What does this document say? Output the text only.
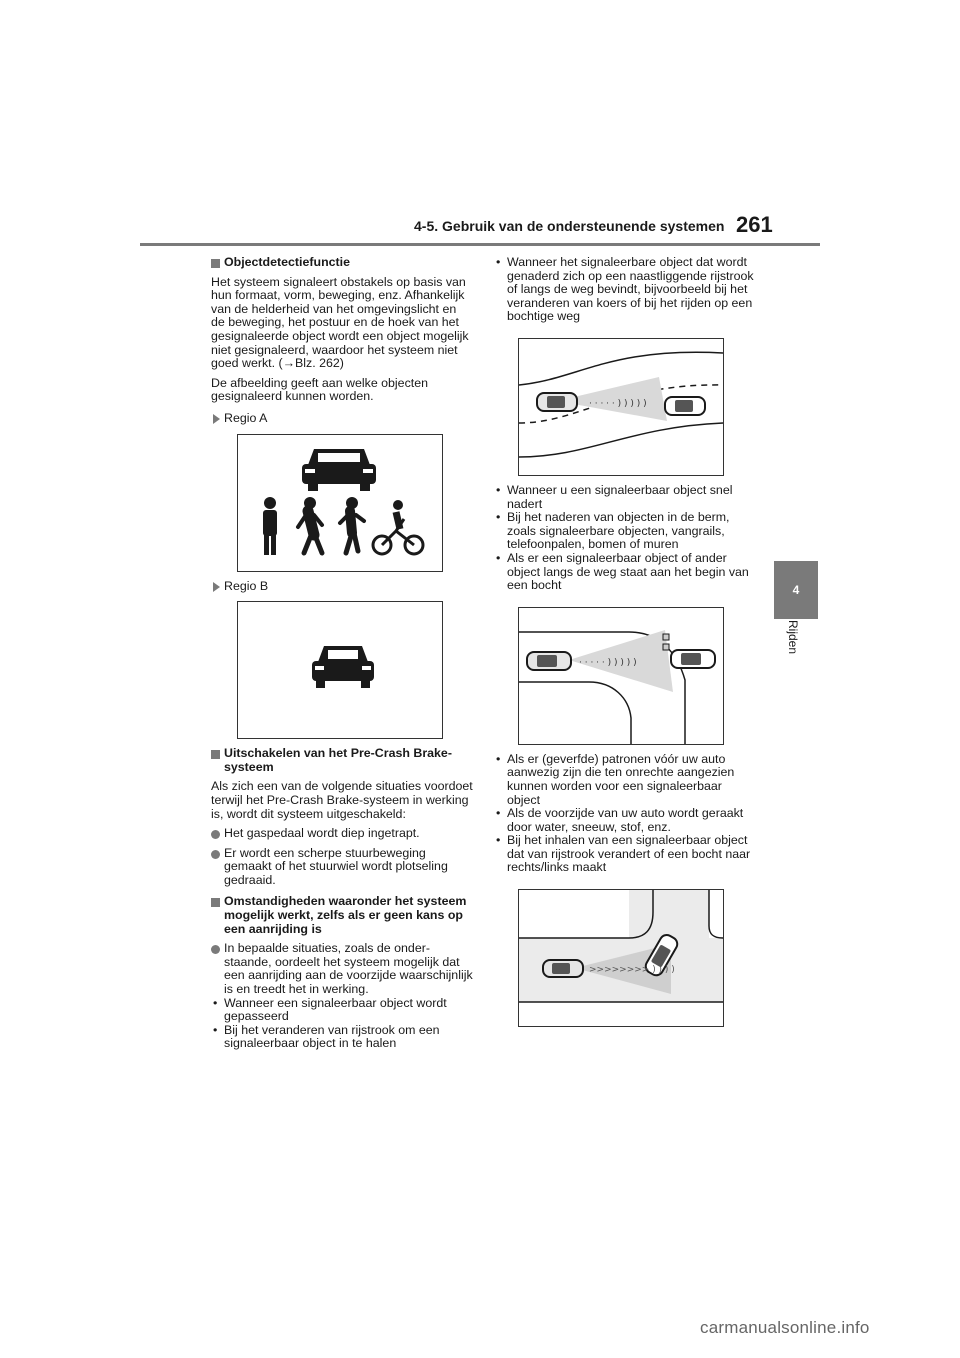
4-5. Gebruik van de ondersteunende systemen 261
4
Rijden
Objectdetectiefunctie

Het systeem signaleert obstakels op basis van hun formaat, vorm, beweging, enz. Afhankelijk van de helderheid van het omgevingslicht en de beweging, het postuur en de hoek van het gesignaleerde object wordt een object mogelijk niet gesignaleerd, waardoor het systeem niet goed werkt. (→Blz. 262)

De afbeelding geeft aan welke objecten gesignaleerd kunnen worden.

Regio A
Regio B
Uitschakelen van het Pre-Crash Brake-systeem

Als zich een van de volgende situaties voordoet terwijl het Pre-Crash Brake-systeem in werking is, wordt dit systeem uitgeschakeld:

Het gaspedaal wordt diep ingetrapt.
Er wordt een scherpe stuurbeweging gemaakt of het stuurwiel wordt plotseling gedraaid.
Omstandigheden waaronder het systeem mogelijk werkt, zelfs als er geen kans op een aanrijding is
In bepaalde situaties, zoals de onderstaande, oordeelt het systeem mogelijk dat een aanrijding aan de voorzijde waarschijnlijk is en treedt het in werking.
• Wanneer een signaleerbaar object wordt gepasseerd
• Bij het veranderen van rijstrook om een signaleerbaar object in te halen
• Wanneer het signaleerbare object dat wordt genaderd zich op een naastliggende rijstrook of langs de weg bevindt, bijvoorbeeld bij het veranderen van koers of bij het rijden op een bochtige weg
· · · · · ) ) ) ) )
• Wanneer u een signaleerbaar object snel nadert
• Bij het naderen van objecten in de berm, zoals signaleerbare objecten, vangrails, telefoonpalen, bomen of muren
• Als er een signaleerbaar object of ander object langs de weg staat aan het begin van een bocht
· · · · · ) ) ) ) )
• Als er (geverfde) patronen vóór uw auto aanwezig zijn die ten onrechte aangezien kunnen worden voor een signaleerbaar object
• Als de voorzijde van uw auto wordt geraakt door water, sneeuw, stof, enz.
• Bij het inhalen van een signaleerbaar object dat van rijstrook verandert of een bocht naar rechts/links maakt
>>>>>>>> ) ) ) )
carmanualsonline.info
